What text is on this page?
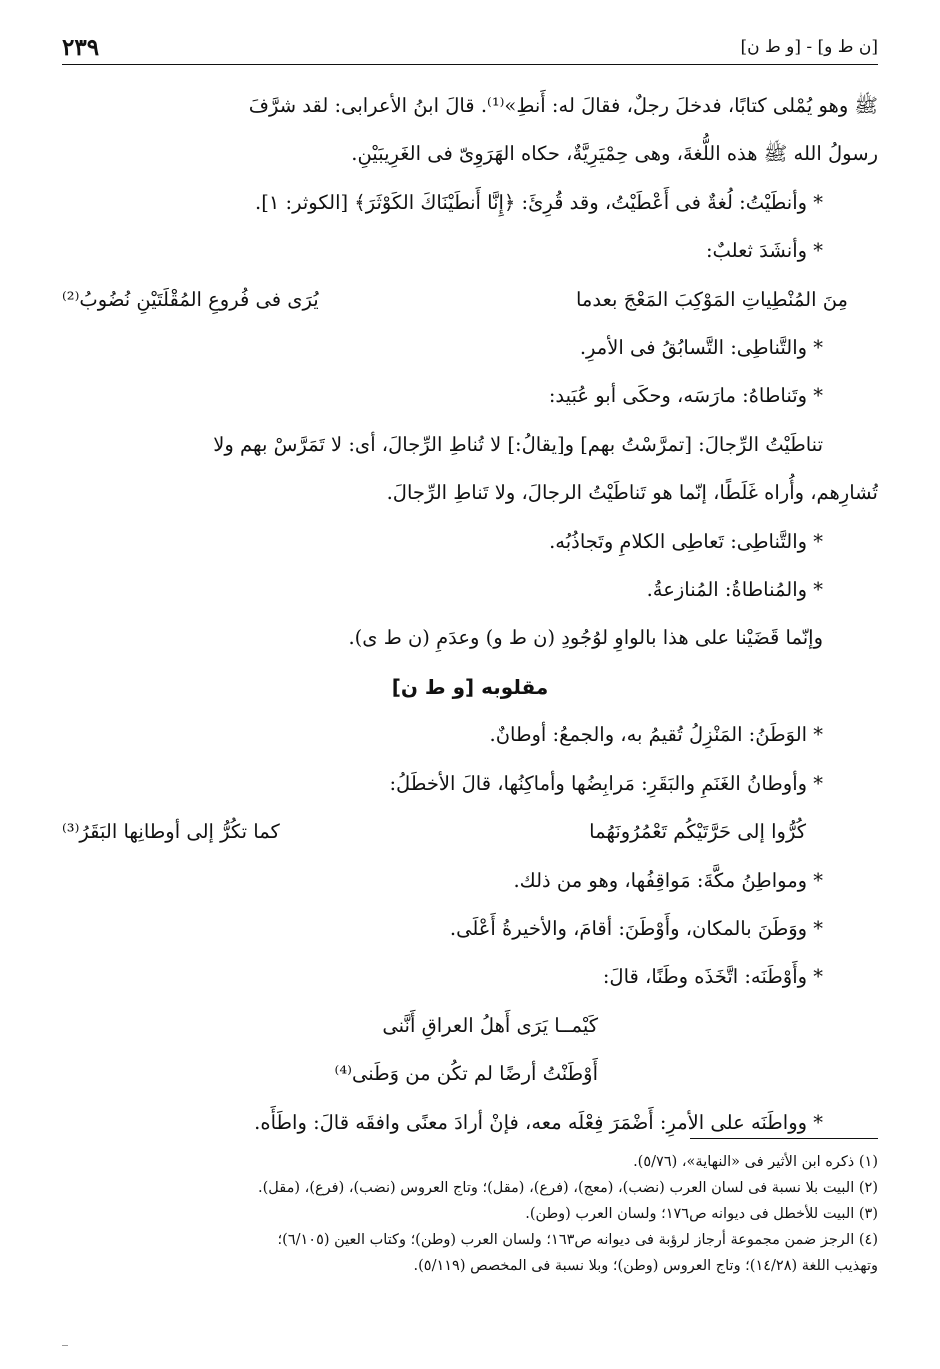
٢٣٩	[ن ط و] - [و ط ن]
ﷺ وهو يُمْلى كتابًا، فدخلَ رجلٌ، فقالَ له: أَنطِ»⁽¹⁾. قالَ ابنُ الأعرابى: لقد شرَّفَ
رسولُ الله ﷺ هذه اللُّغةَ، وهى حِمْيَرِيَّةٌ، حكاه الهَرَوِىّ فى الغَرِيبَيْنِ.
* وأنطَيْتُ: لُغةٌ فى أَعْطَيْتُ، وقد قُرِئَ: ﴿إِنَّا أَنطَيْنَاكَ الكَوْثَرَ﴾ [الكوثر: ١].
* وأنشَدَ ثعلبٌ:
مِنَ المُنْطِياتِ المَوْكِبَ المَعْجَ بعدما
يُرَى فى فُروعِ المُقْلَتَيْنِ نُضُوبُ⁽²⁾
* والتَّناطِى: التَّسابُقُ فى الأمرِ.
* وتَناطاهُ: مارَسَه، وحكَى أبو عُبَيد:
تناطَيْتُ الرِّجالَ: [تمرَّسْتُ بهم] و[يقالُ:] لا تُناطِ الرِّجالَ، أى: لا تَمَرَّسْ بهم ولا
تُشارِهم، وأُراه غَلَطًا، إنّما هو تَناطَيْتُ الرجالَ، ولا تَناطِ الرِّجالَ.
* والتَّناطِى: تَعاطِى الكلامِ وتَجاذُبُه.
* والمُناطاةُ: المُنازعةُ.
وإنّما قَضَيْنا على هذا بالواوِ لوُجُودِ (ن ط و) وعدَمِ (ن ط ى).
مقلوبه [و ط ن]
* الوَطَنُ: المَنْزِلُ تُقيمُ به، والجمعُ: أوطانٌ.
* وأوطانُ الغَنَمِ والبَقَرِ: مَرابِضُها وأماكِنُها، قالَ الأخطَلُ:
كُرُّوا إلى حَرَّتَيْكُم تَعْمُرُونَهُما
كما تكُرُّ إلى أوطانِها البَقَرُ⁽³⁾
* ومواطِنُ مكَّةَ: مَواقِفُها، وهو من ذلك.
* ووَطَنَ بالمكان، وأَوْطَنَ: أقامَ، والأخيرةُ أَعْلَى.
* وأَوْطَنَه: اتَّخَذَه وطَنًا، قالَ:
كَيْمــا يَرَى أَهلُ العراقِ أَنَّنى
أَوْطَنْتُ أرضًا لم تكُن من وَطَنى⁽⁴⁾
* وواطَنَه على الأمرِ: أَضْمَرَ فِعْلَه معه، فإنْ أرادَ معنًى وافقَه قالَ: واطَأَه.
(١) ذكره ابن الأثير فى «النهاية»، (٥/٧٦).
(٢) البيت بلا نسبة فى لسان العرب (نضب)، (معج)، (فرع)، (مقل)؛ وتاج العروس (نضب)، (فرع)، (مقل).
(٣) البيت للأخطل فى ديوانه ص١٧٦؛ ولسان العرب (وطن).
(٤) الرجز ضمن مجموعة أرجاز لرؤبة فى ديوانه ص١٦٣؛ ولسان العرب (وطن)؛ وكتاب العين (٦/١٠٥)؛
وتهذيب اللغة (١٤/٢٨)؛ وتاج العروس (وطن)؛ وبلا نسبة فى المخصص (٥/١١٩).
